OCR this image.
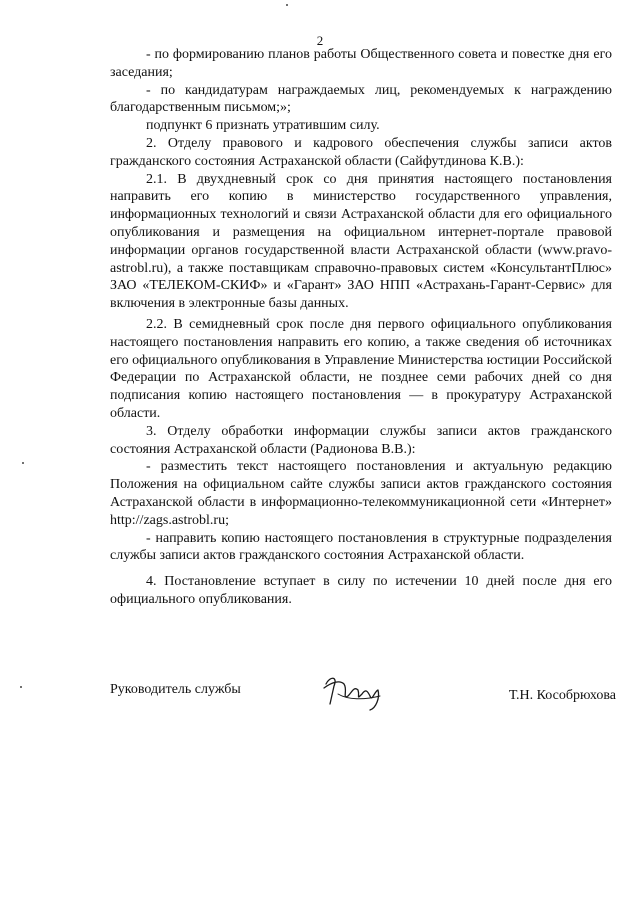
2

- по формированию планов работы Общественного совета и повестке дня его заседания;

- по кандидатурам награждаемых лиц, рекомендуемых к награждению благодарственным письмом;»;

подпункт 6 признать утратившим силу.

2. Отделу правового и кадрового обеспечения службы записи актов гражданского состояния Астраханской области (Сайфутдинова К.В.):

2.1. В двухдневный срок со дня принятия настоящего постановления направить его копию в министерство государственного управления, информационных технологий и связи Астраханской области для его официального опубликования и размещения на официальном интернет-портале правовой информации органов государственной власти Астраханской области (www.pravo-astrobl.ru), а также поставщикам справочно-правовых систем «КонсультантПлюс» ЗАО «ТЕЛЕКОМ-СКИФ» и «Гарант» ЗАО НПП «Астрахань-Гарант-Сервис» для включения в электронные базы данных.

2.2. В семидневный срок после дня первого официального опубликования настоящего постановления направить его копию, а также сведения об источниках его официального опубликования в Управление Министерства юстиции Российской Федерации по Астраханской области, не позднее семи рабочих дней со дня подписания копию настоящего постановления — в прокуратуру Астраханской области.

3. Отделу обработки информации службы записи актов гражданского состояния Астраханской области (Радионова В.В.):

- разместить текст настоящего постановления и актуальную редакцию Положения на официальном сайте службы записи актов гражданского состояния Астраханской области в информационно-телекоммуникационной сети «Интернет» http://zags.astrobl.ru;

- направить копию настоящего постановления в структурные подразделения службы записи актов гражданского состояния Астраханской области.

4. Постановление вступает в силу по истечении 10 дней после дня его официального опубликования.

Руководитель службы	Т.Н. Кособрюхова
